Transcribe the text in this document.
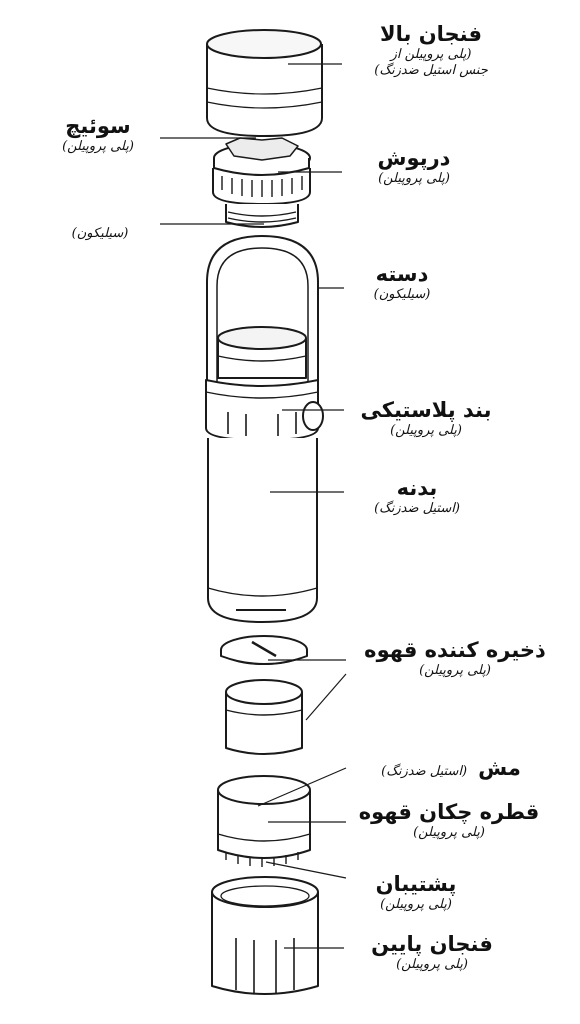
فنجان بالا
(پلی پروپیلن از
جنس استیل ضدزنگ)
سوئیچ
(پلی پروپیلن)	درپوش
(پلی پروپیلن)
(سیلیکون)
دسته
(سیلیکون)
بند پلاستیکی
(پلی پروپیلن)
بدنه
(استیل ضدزنگ)
ذخیره کننده قهوه
(پلی پروپیلن)
مش (استیل ضدزنگ)
قطره چکان قهوه
(پلی پروپیلن)
پشتیبان
(پلی پروپیلن)
فنجان پایین
(پلی پروپیلن)
